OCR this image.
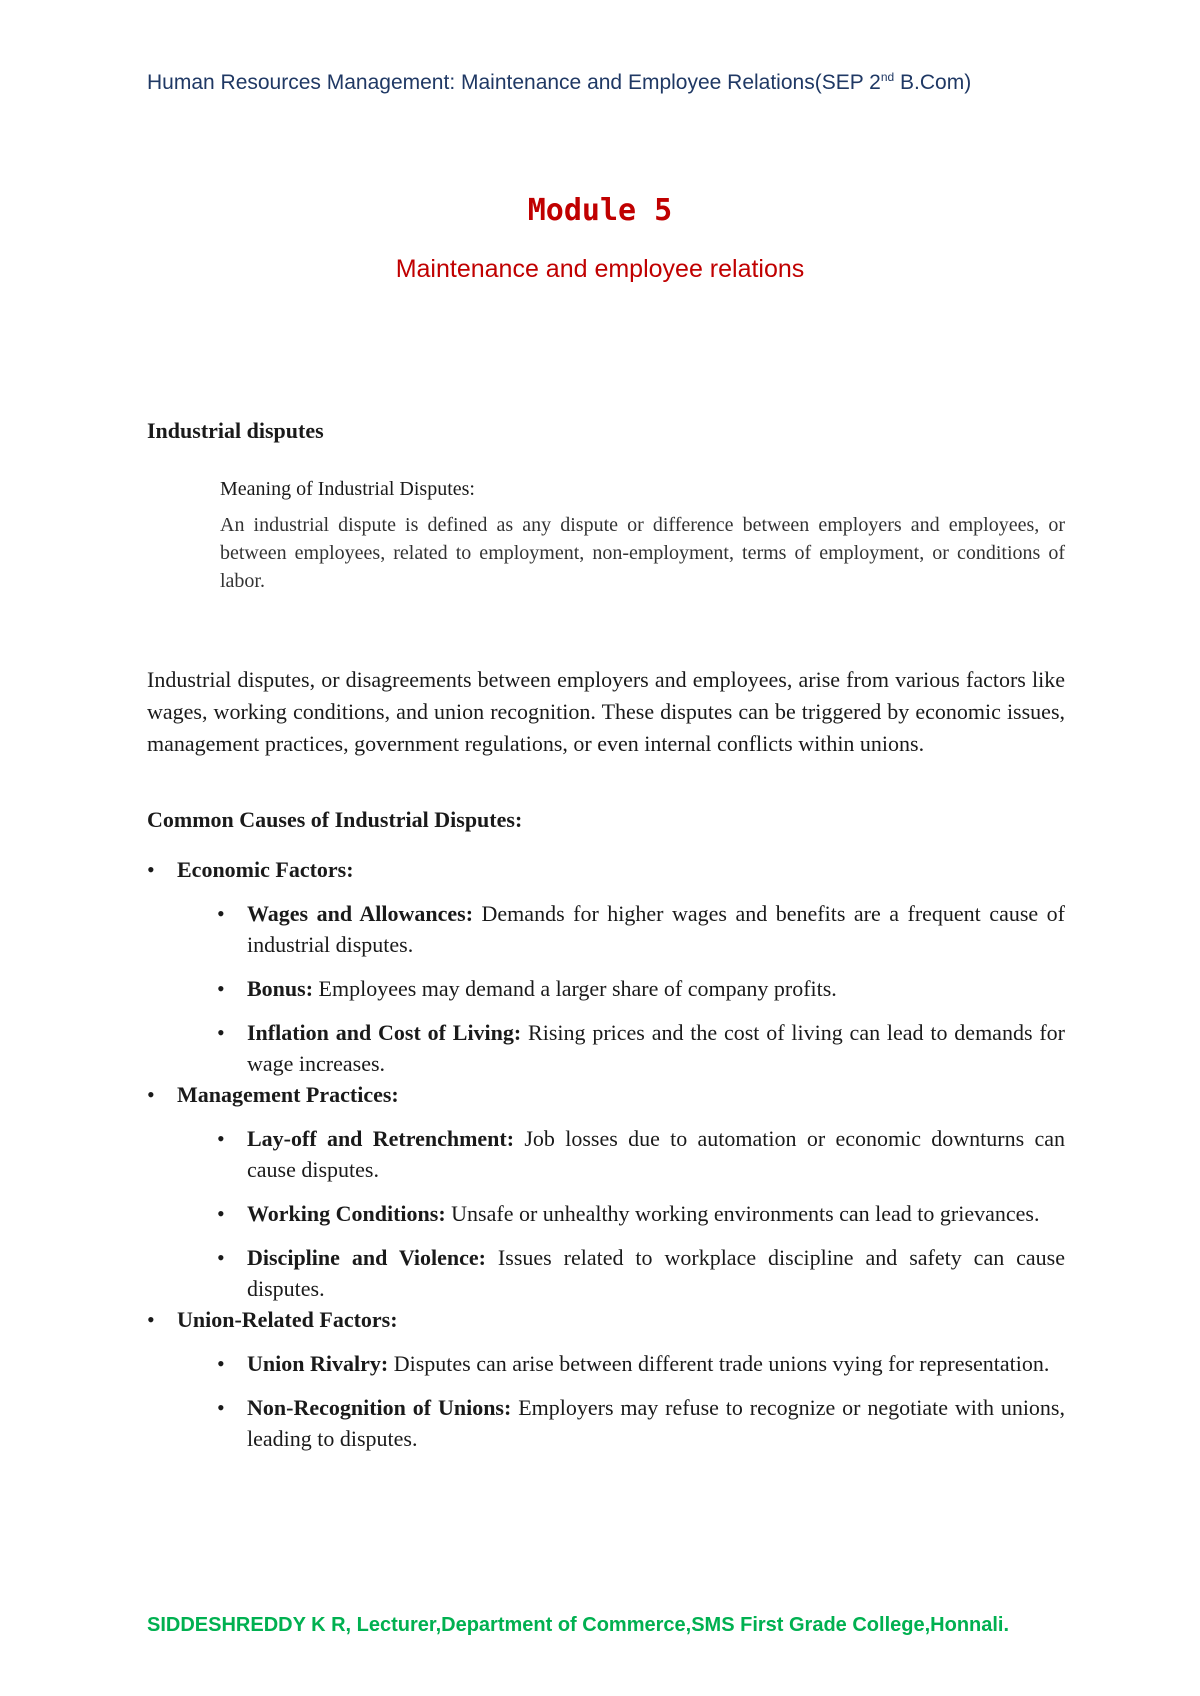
Human Resources Management: Maintenance and Employee Relations(SEP 2nd B.Com)
Module 5
Maintenance and employee relations
Industrial disputes
Meaning of Industrial Disputes:
An industrial dispute is defined as any dispute or difference between employers and employees, or between employees, related to employment, non-employment, terms of employment, or conditions of labor.
Industrial disputes, or disagreements between employers and employees, arise from various factors like wages, working conditions, and union recognition. These disputes can be triggered by economic issues, management practices, government regulations, or even internal conflicts within unions.
Common Causes of Industrial Disputes:
•	Economic Factors:
•	Wages and Allowances: Demands for higher wages and benefits are a frequent cause of industrial disputes.
•	Bonus: Employees may demand a larger share of company profits.
•	Inflation and Cost of Living: Rising prices and the cost of living can lead to demands for wage increases.
•	Management Practices:
•	Lay-off and Retrenchment: Job losses due to automation or economic downturns can cause disputes.
•	Working Conditions: Unsafe or unhealthy working environments can lead to grievances.
•	Discipline and Violence: Issues related to workplace discipline and safety can cause disputes.
•	Union-Related Factors:
•	Union Rivalry: Disputes can arise between different trade unions vying for representation.
•	Non-Recognition of Unions: Employers may refuse to recognize or negotiate with unions, leading to disputes.
SIDDESHREDDY K R, Lecturer,Department of Commerce,SMS First Grade College,Honnali.
